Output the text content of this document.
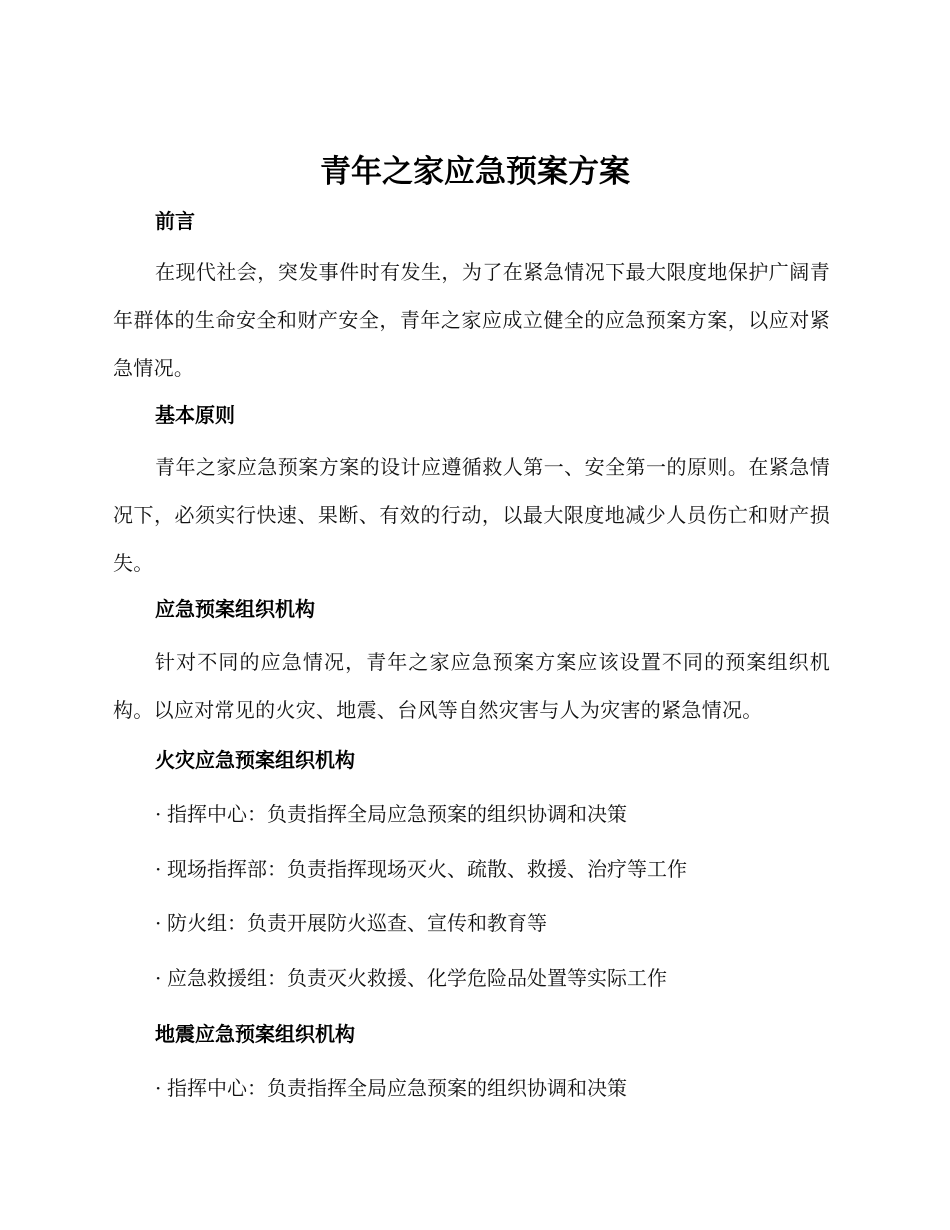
青年之家应急预案方案
前言

在现代社会，突发事件时有发生，为了在紧急情况下最大限度地保护广阔青年群体的生命安全和财产安全，青年之家应成立健全的应急预案方案，以应对紧急情况。

基本原则

青年之家应急预案方案的设计应遵循救人第一、安全第一的原则。在紧急情况下，必须实行快速、果断、有效的行动，以最大限度地减少人员伤亡和财产损失。

应急预案组织机构

针对不同的应急情况，青年之家应急预案方案应该设置不同的预案组织机构。以应对常见的火灾、地震、台风等自然灾害与人为灾害的紧急情况。

火灾应急预案组织机构

· 指挥中心：负责指挥全局应急预案的组织协调和决策

· 现场指挥部：负责指挥现场灭火、疏散、救援、治疗等工作

· 防火组：负责开展防火巡查、宣传和教育等

· 应急救援组：负责灭火救援、化学危险品处置等实际工作

地震应急预案组织机构

· 指挥中心：负责指挥全局应急预案的组织协调和决策
